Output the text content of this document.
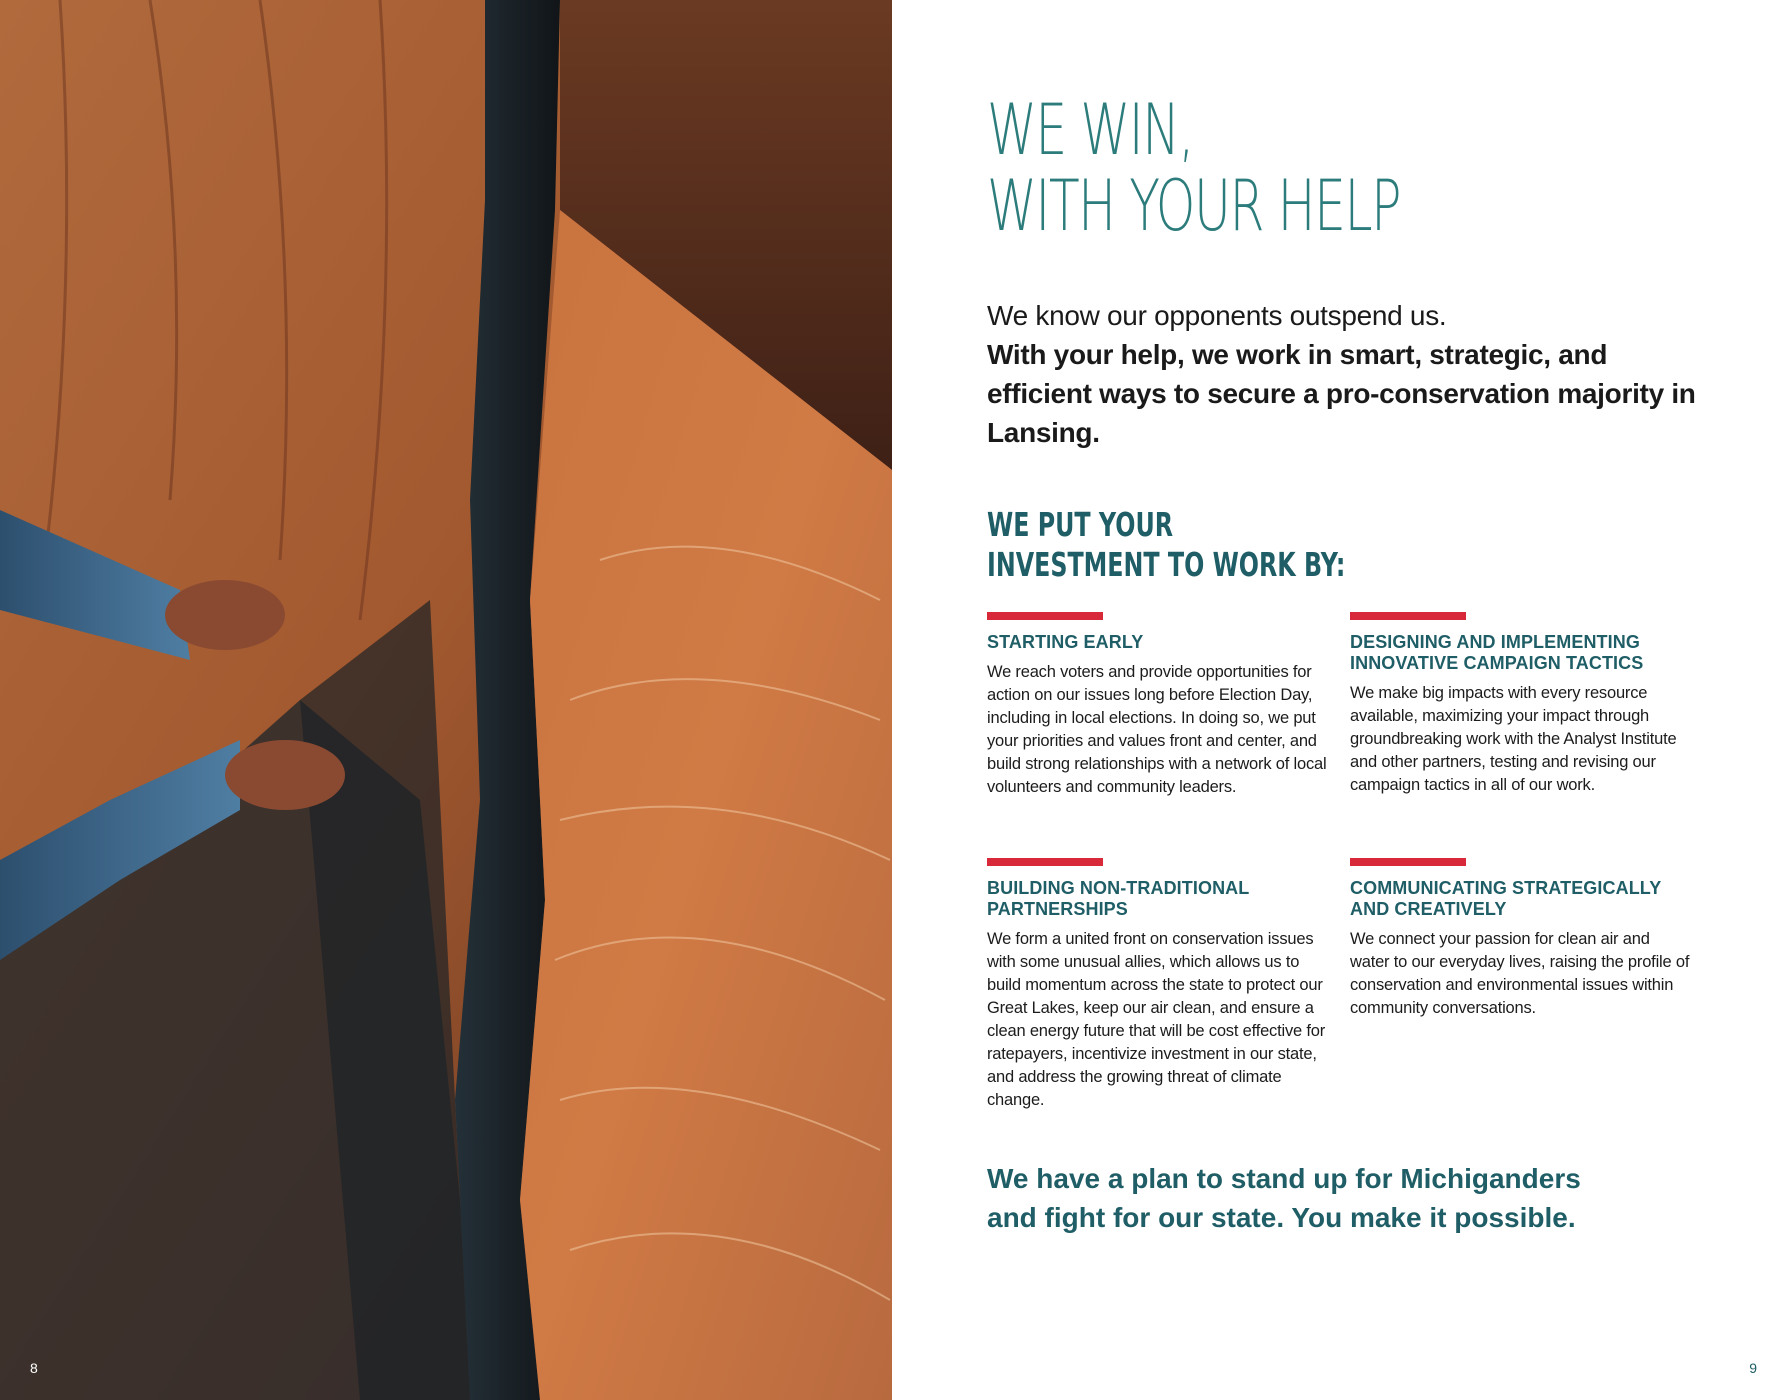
8
WE WIN,
WITH YOUR HELP
We know our opponents outspend us.
With your help, we work in smart, strategic, and efficient ways to secure a pro-conservation majority in Lansing.
WE PUT YOUR
INVESTMENT TO WORK BY:
STARTING EARLY
We reach voters and provide opportunities for action on our issues long before Election Day, including in local elections. In doing so, we put your priorities and values front and center, and build strong relationships with a network of local volunteers and community leaders.
DESIGNING AND IMPLEMENTING INNOVATIVE CAMPAIGN TACTICS
We make big impacts with every resource available, maximizing your impact through groundbreaking work with the Analyst Institute and other partners, testing and revising our campaign tactics in all of our work.
BUILDING NON-TRADITIONAL PARTNERSHIPS
We form a united front on conservation issues with some unusual allies, which allows us to build momentum across the state to protect our Great Lakes, keep our air clean, and ensure a clean energy future that will be cost effective for ratepayers, incentivize investment in our state, and address the growing threat of climate change.
COMMUNICATING STRATEGICALLY AND CREATIVELY
We connect your passion for clean air and water to our everyday lives, raising the profile of conservation and environmental issues within community conversations.
We have a plan to stand up for Michiganders and fight for our state. You make it possible.
9
